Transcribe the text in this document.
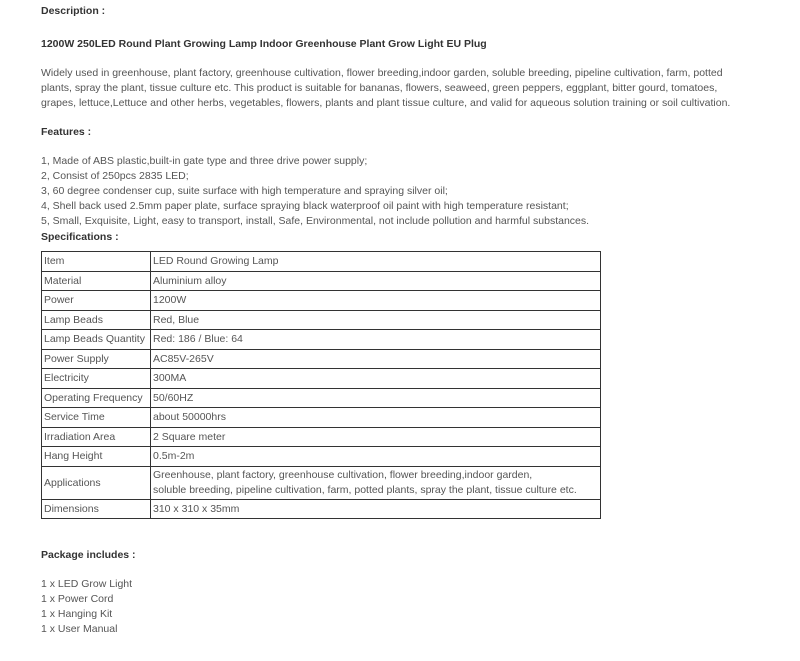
Description :
1200W 250LED Round Plant Growing Lamp Indoor Greenhouse Plant Grow Light EU Plug
Widely used in greenhouse, plant factory, greenhouse cultivation, flower breeding,indoor garden, soluble breeding, pipeline cultivation, farm, potted plants, spray the plant, tissue culture etc. This product is suitable for bananas, flowers, seaweed, green peppers, eggplant, bitter gourd, tomatoes, grapes, lettuce,Lettuce and other herbs, vegetables, flowers, plants and plant tissue culture, and valid for aqueous solution training or soil cultivation.
Features :
1, Made of ABS plastic,built-in gate type and three drive power supply;
2, Consist of 250pcs 2835 LED;
3, 60 degree condenser cup, suite surface with high temperature and spraying silver oil;
4, Shell back used 2.5mm paper plate, surface spraying black waterproof oil paint with high temperature resistant;
5, Small, Exquisite, Light, easy to transport, install, Safe, Environmental, not include pollution and harmful substances.
Specifications :
Item	LED Round Growing Lamp
Material	Aluminium alloy
Power	1200W
Lamp Beads	Red, Blue
Lamp Beads Quantity	Red: 186 / Blue: 64
Power Supply	AC85V-265V
Electricity	300MA
Operating Frequency	50/60HZ
Service Time	about 50000hrs
Irradiation Area	2 Square meter
Hang Height	0.5m-2m
Applications	Greenhouse, plant factory, greenhouse cultivation, flower breeding,indoor garden,
soluble breeding, pipeline cultivation, farm, potted plants, spray the plant, tissue culture etc.

Dimensions	310 x 310 x 35mm
Package includes :
1 x LED Grow Light
1 x Power Cord
1 x Hanging Kit
1 x User Manual
